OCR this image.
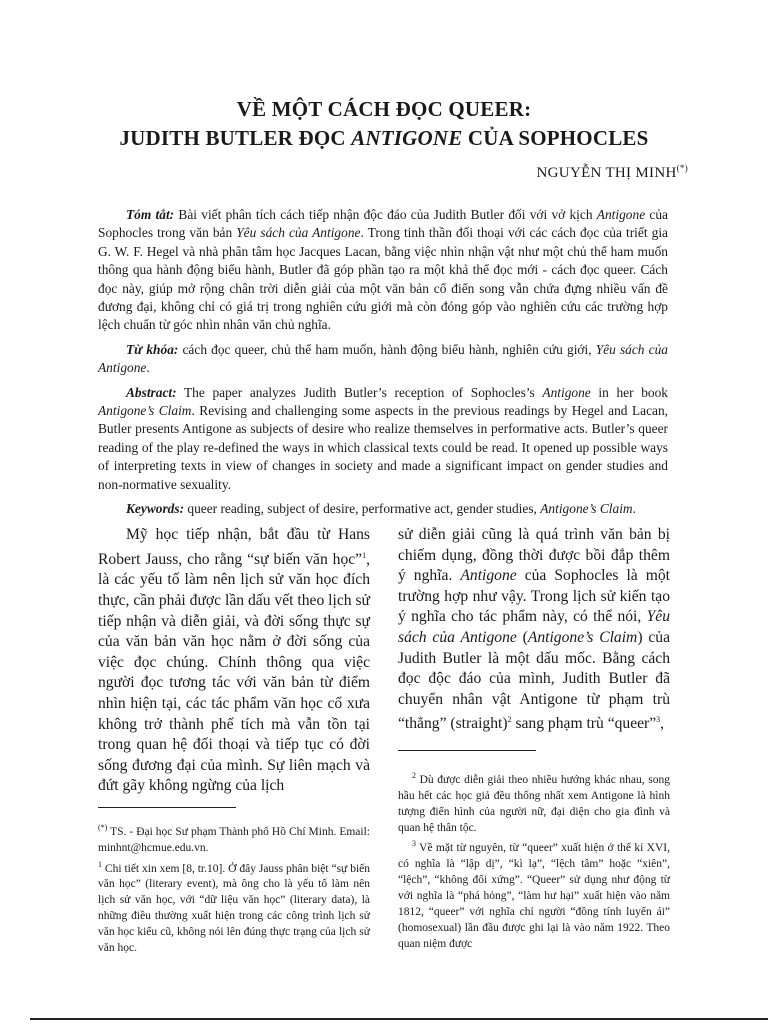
VỀ MỘT CÁCH ĐỌC QUEER:
JUDITH BUTLER ĐỌC ANTIGONE CỦA SOPHOCLES
NGUYỄN THỊ MINH(*)

Tóm tắt: Bài viết phân tích cách tiếp nhận độc đáo của Judith Butler đối với vở kịch Antigone của Sophocles trong văn bản Yêu sách của Antigone. Trong tinh thần đối thoại với các cách đọc của triết gia G. W. F. Hegel và nhà phân tâm học Jacques Lacan, bằng việc nhìn nhận vật như một chủ thể ham muốn thông qua hành động biểu hành, Butler đã góp phần tạo ra một khả thể đọc mới - cách đọc queer. Cách đọc này, giúp mở rộng chân trời diễn giải của một văn bản cổ điển song vẫn chứa đựng nhiều vấn đề đương đại, không chỉ có giá trị trong nghiên cứu giới mà còn đóng góp vào nghiên cứu các trường hợp lệch chuẩn từ góc nhìn nhân văn chủ nghĩa.

Từ khóa: cách đọc queer, chủ thể ham muốn, hành động biểu hành, nghiên cứu giới, Yêu sách của Antigone.

Abstract: The paper analyzes Judith Butler’s reception of Sophocles’s Antigone in her book Antigone’s Claim. Revising and challenging some aspects in the previous readings by Hegel and Lacan, Butler presents Antigone as subjects of desire who realize themselves in performative acts. Butler’s queer reading of the play re-defined the ways in which classical texts could be read. It opened up possible ways of interpreting texts in view of changes in society and made a significant impact on gender studies and non-normative sexuality.

Keywords: queer reading, subject of desire, performative act, gender studies, Antigone’s Claim.

Mỹ học tiếp nhận, bắt đầu từ Hans Robert Jauss, cho rằng “sự biến văn học”$^1$, là các yếu tố làm nên lịch sử văn học đích thực, cần phải được lần dấu vết theo lịch sử tiếp nhận và diễn giải, và đời sống thực sự của văn bản văn học nằm ở đời sống của việc đọc chúng. Chính thông qua việc người đọc tương tác với văn bản từ điểm nhìn hiện tại, các tác phẩm văn học cổ xưa không trở thành phế tích mà vẫn tồn tại trong quan hệ đối thoại và tiếp tục có đời sống đương đại của mình. Sự liên mạch và đứt gãy không ngừng của lịch

sử diễn giải cũng là quá trình văn bản bị chiếm dụng, đồng thời được bồi đắp thêm ý nghĩa. Antigone của Sophocles là một trường hợp như vậy. Trong lịch sử kiến tạo ý nghĩa cho tác phẩm này, có thể nói, Yêu sách của Antigone (Antigone’s Claim) của Judith Butler là một dấu mốc. Bằng cách đọc độc đáo của mình, Judith Butler đã chuyển nhân vật Antigone từ phạm trù “thẳng” (straight)$^2$ sang phạm trù “queer”$^3$,

(*) TS. - Đại học Sư phạm Thành phố Hồ Chí Minh. Email: minhnt@hcmue.edu.vn.

$^1$ Chi tiết xin xem [8, tr.10]. Ở đây Jauss phân biệt “sự biến văn học” (literary event), mà ông cho là yếu tố làm nên lịch sử văn học, với “dữ liệu văn học” (literary data), là những điều thường xuất hiện trong các công trình lịch sử văn học kiểu cũ, không nói lên đúng thực trạng của lịch sử văn học.

$^2$ Dù được diễn giải theo nhiều hướng khác nhau, song hầu hết các học giả đều thống nhất xem Antigone là hình tượng điển hình của người nữ, đại diện cho gia đình và quan hệ thân tộc.

$^3$ Về mặt từ nguyên, từ “queer” xuất hiện ở thế kỉ XVI, có nghĩa là “lập dị”, “kì lạ”, “lệch tâm” hoặc “xiên”, “lệch”, “không đối xứng”. “Queer” sử dụng như động từ với nghĩa là “phá hỏng”, “làm hư hại” xuất hiện vào năm 1812, “queer” với nghĩa chỉ người “đồng tính luyến ái” (homosexual) lần đầu được ghi lại là vào năm 1922. Theo quan niệm được
